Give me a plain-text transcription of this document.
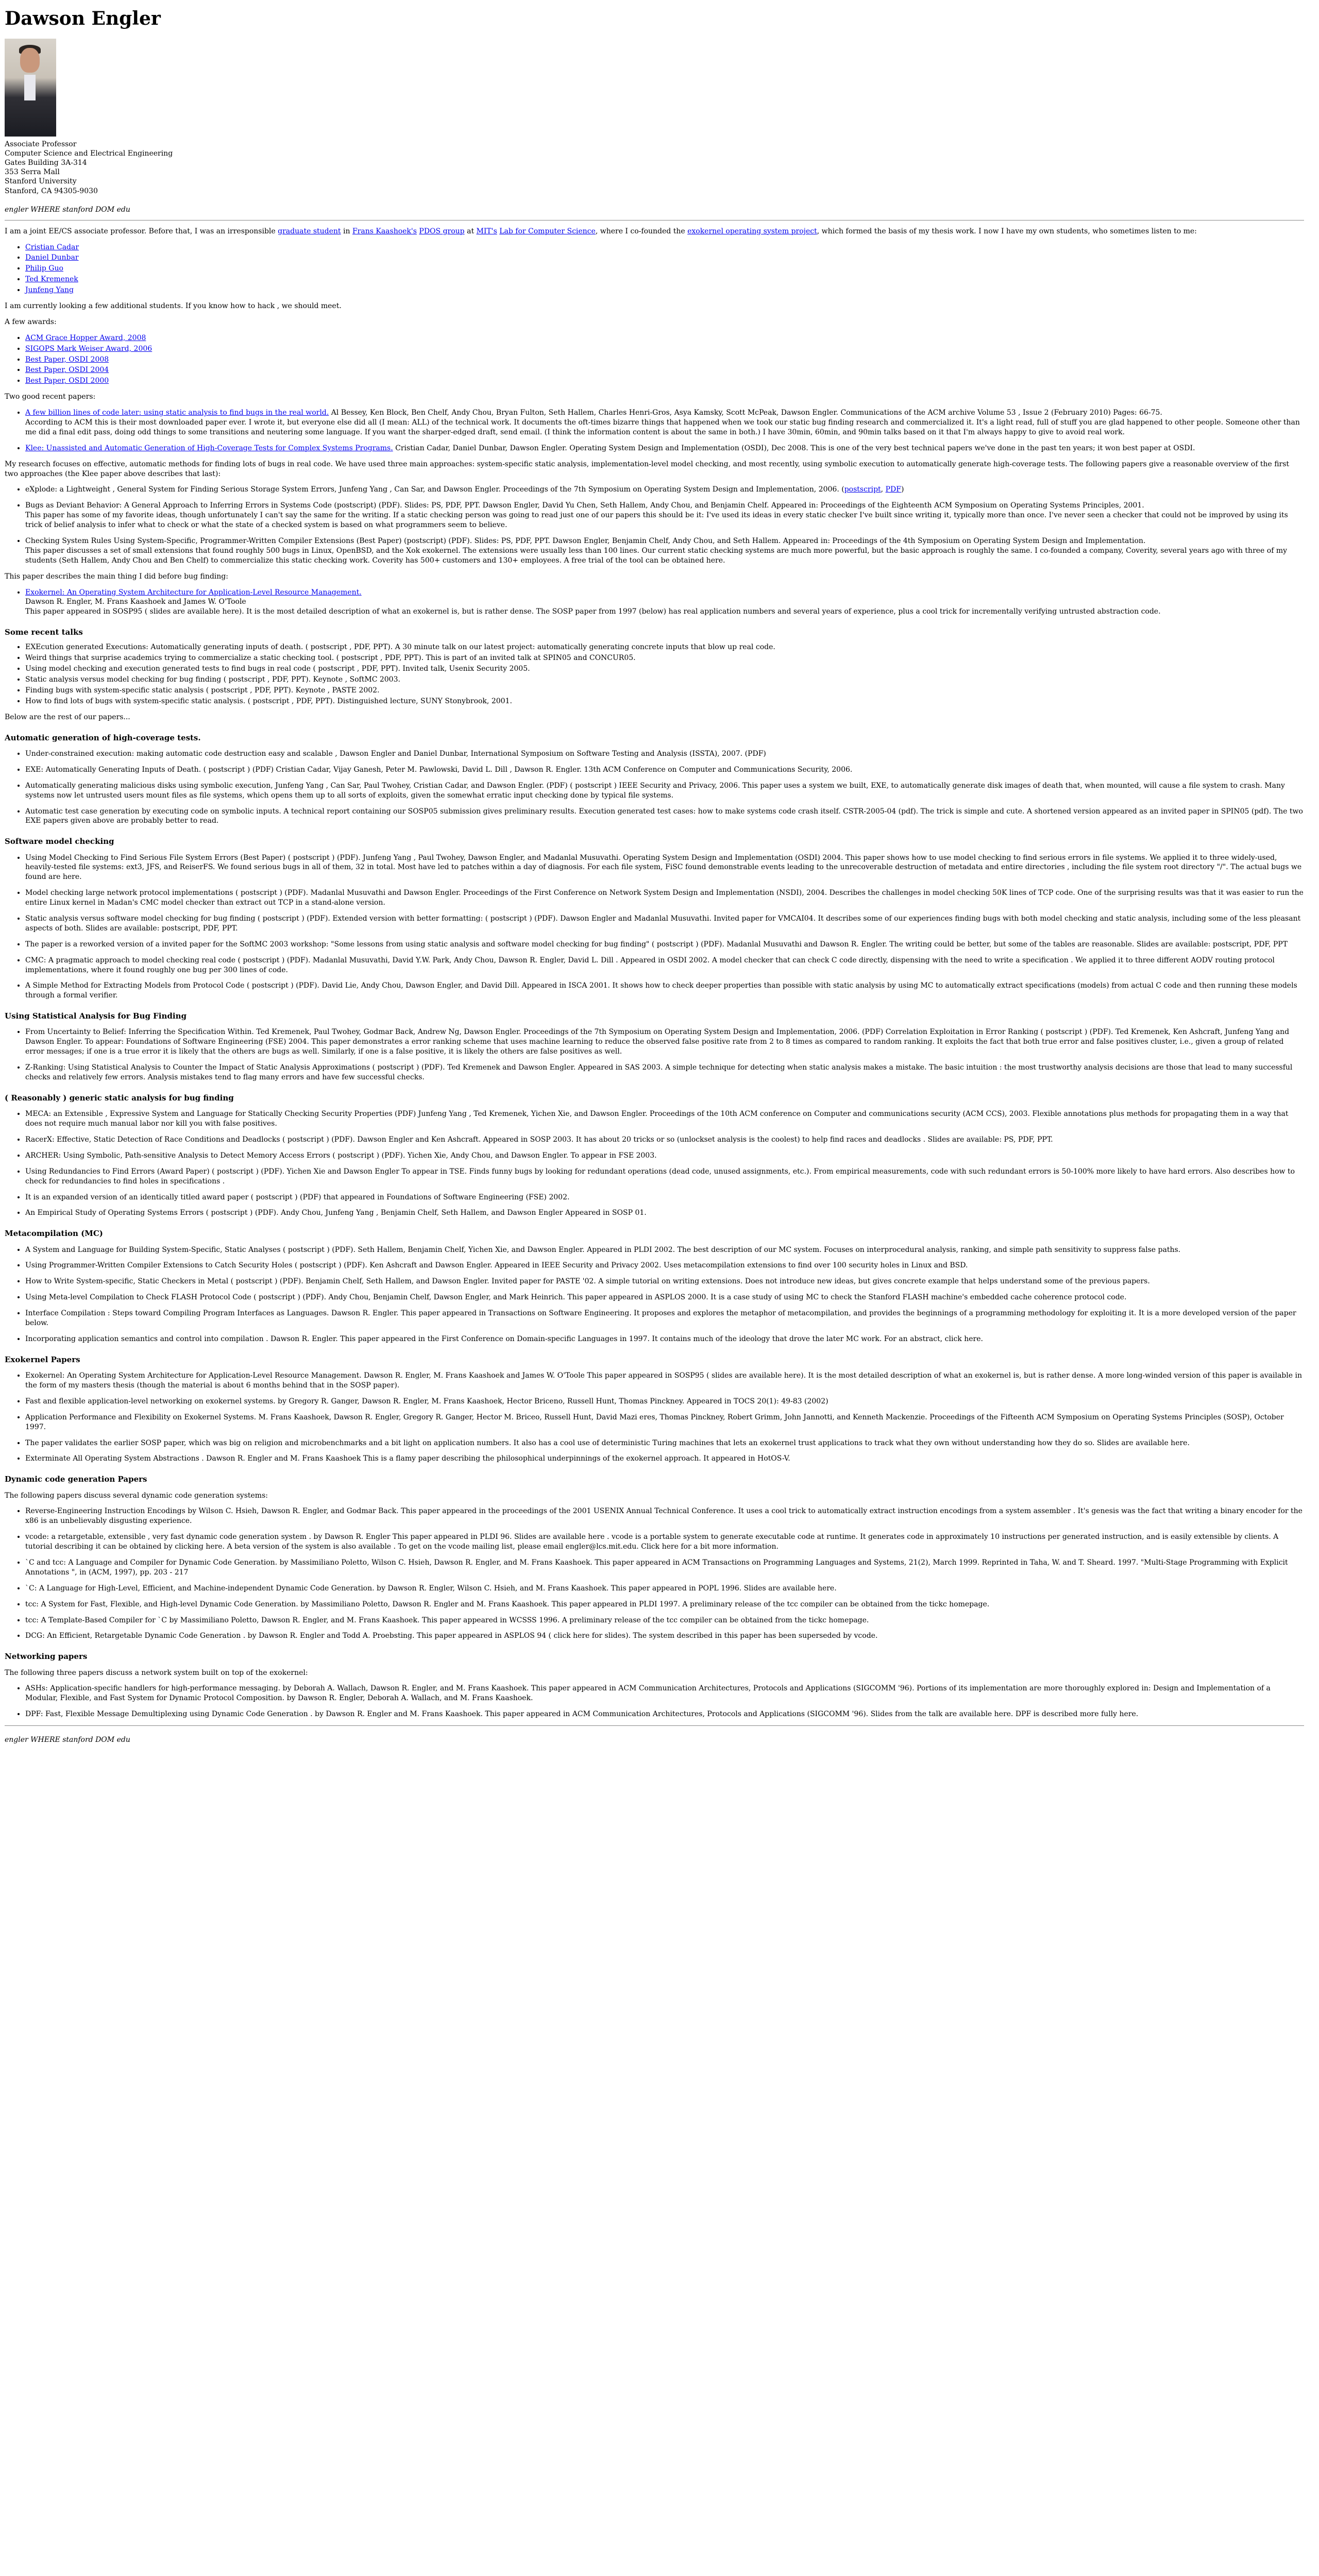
Dawson Engler
Associate Professor
Computer Science and Electrical Engineering
Gates Building 3A-314
353 Serra Mall
Stanford University
Stanford, CA 94305-9030
engler WHERE stanford DOM edu

I am a joint EE/CS associate professor. Before that, I was an irresponsible graduate student in Frans Kaashoek's PDOS group at MIT's Lab for Computer Science, where I co-founded the exokernel operating system project, which formed the basis of my thesis work. I now I have my own students, who sometimes listen to me:

• Cristian Cadar
• Daniel Dunbar
• Philip Guo
• Ted Kremenek
• Junfeng Yang

I am currently looking a few additional students. If you know how to hack , we should meet.

A few awards:

• ACM Grace Hopper Award, 2008
• SIGOPS Mark Weiser Award, 2006
• Best Paper, OSDI 2008
• Best Paper, OSDI 2004
• Best Paper, OSDI 2000

Two good recent papers:

• A few billion lines of code later: using static analysis to find bugs in the real world. Al Bessey, Ken Block, Ben Chelf, Andy Chou, Bryan Fulton, Seth Hallem, Charles Henri-Gros, Asya Kamsky, Scott McPeak, Dawson Engler. Communications of the ACM archive Volume 53 , Issue 2 (February 2010) Pages: 66-75.
According to ACM this is their most downloaded paper ever. I wrote it, but everyone else did all (I mean: ALL) of the technical work. It documents the oft-times bizarre things that happened when we took our static bug finding research and commercialized it. It's a light read, full of stuff you are glad happened to other people. Someone other than me did a final edit pass, doing odd things to some transitions and neutering some language. If you want the sharper-edged draft, send email. (I think the information content is about the same in both.) I have 30min, 60min, and 90min talks based on it that I'm always happy to give to avoid real work.
• Klee: Unassisted and Automatic Generation of High-Coverage Tests for Complex Systems Programs. Cristian Cadar, Daniel Dunbar, Dawson Engler. Operating System Design and Implementation (OSDI), Dec 2008. This is one of the very best technical papers we've done in the past ten years; it won best paper at OSDI.

My research focuses on effective, automatic methods for finding lots of bugs in real code. We have used three main approaches: system-specific static analysis, implementation-level model checking, and most recently, using symbolic execution to automatically generate high-coverage tests. The following papers give a reasonable overview of the first two approaches (the Klee paper above describes that last):

• eXplode: a Lightweight , General System for Finding Serious Storage System Errors, Junfeng Yang , Can Sar, and Dawson Engler. Proceedings of the 7th Symposium on Operating System Design and Implementation, 2006. (postscript, PDF)
• Bugs as Deviant Behavior: A General Approach to Inferring Errors in Systems Code (postscript) (PDF). Slides: PS, PDF, PPT. Dawson Engler, David Yu Chen, Seth Hallem, Andy Chou, and Benjamin Chelf. Appeared in: Proceedings of the Eighteenth ACM Symposium on Operating Systems Principles, 2001.
This paper has some of my favorite ideas, though unfortunately I can't say the same for the writing. If a static checking person was going to read just one of our papers this should be it: I've used its ideas in every static checker I've built since writing it, typically more than once. I've never seen a checker that could not be improved by using its trick of belief analysis to infer what to check or what the state of a checked system is based on what programmers seem to believe.
• Checking System Rules Using System-Specific, Programmer-Written Compiler Extensions (Best Paper) (postscript) (PDF). Slides: PS, PDF, PPT. Dawson Engler, Benjamin Chelf, Andy Chou, and Seth Hallem. Appeared in: Proceedings of the 4th Symposium on Operating System Design and Implementation.
This paper discusses a set of small extensions that found roughly 500 bugs in Linux, OpenBSD, and the Xok exokernel. The extensions were usually less than 100 lines. Our current static checking systems are much more powerful, but the basic approach is roughly the same. I co-founded a company, Coverity, several years ago with three of my students (Seth Hallem, Andy Chou and Ben Chelf) to commercialize this static checking work. Coverity has 500+ customers and 130+ employees. A free trial of the tool can be obtained here.

This paper describes the main thing I did before bug finding:

• Exokernel: An Operating System Architecture for Application-Level Resource Management.
Dawson R. Engler, M. Frans Kaashoek and James W. O'Toole
This paper appeared in SOSP95 ( slides are available here). It is the most detailed description of what an exokernel is, but is rather dense. The SOSP paper from 1997 (below) has real application numbers and several years of experience, plus a cool trick for incrementally verifying untrusted abstraction code.
Some recent talks
• EXEcution generated Executions: Automatically generating inputs of death. ( postscript , PDF, PPT). A 30 minute talk on our latest project: automatically generating concrete inputs that blow up real code.
• Weird things that surprise academics trying to commercialize a static checking tool. ( postscript , PDF, PPT). This is part of an invited talk at SPIN05 and CONCUR05.
• Using model checking and execution generated tests to find bugs in real code ( postscript , PDF, PPT). Invited talk, Usenix Security 2005.
• Static analysis versus model checking for bug finding ( postscript , PDF, PPT). Keynote , SoftMC 2003.
• Finding bugs with system-specific static analysis ( postscript , PDF, PPT). Keynote , PASTE 2002.
• How to find lots of bugs with system-specific static analysis. ( postscript , PDF, PPT). Distinguished lecture, SUNY Stonybrook, 2001.

Below are the rest of our papers...

Automatic generation of high-coverage tests.
• Under-constrained execution: making automatic code destruction easy and scalable , Dawson Engler and Daniel Dunbar, International Symposium on Software Testing and Analysis (ISSTA), 2007. (PDF)
• EXE: Automatically Generating Inputs of Death. ( postscript ) (PDF) Cristian Cadar, Vijay Ganesh, Peter M. Pawlowski, David L. Dill , Dawson R. Engler. 13th ACM Conference on Computer and Communications Security, 2006.
• Automatically generating malicious disks using symbolic execution, Junfeng Yang , Can Sar, Paul Twohey, Cristian Cadar, and Dawson Engler. (PDF) ( postscript ) IEEE Security and Privacy, 2006. This paper uses a system we built, EXE, to automatically generate disk images of death that, when mounted, will cause a file system to crash. Many systems now let untrusted users mount files as file systems, which opens them up to all sorts of exploits, given the somewhat erratic input checking done by typical file systems.
• Automatic test case generation by executing code on symbolic inputs. A technical report containing our SOSP05 submission gives preliminary results. Execution generated test cases: how to make systems code crash itself. CSTR-2005-04 (pdf). The trick is simple and cute. A shortened version appeared as an invited paper in SPIN05 (pdf). The two EXE papers given above are probably better to read.
Software model checking
• Using Model Checking to Find Serious File System Errors (Best Paper) ( postscript ) (PDF). Junfeng Yang , Paul Twohey, Dawson Engler, and Madanlal Musuvathi. Operating System Design and Implementation (OSDI) 2004. This paper shows how to use model checking to find serious errors in file systems. We applied it to three widely-used, heavily-tested file systems: ext3, JFS, and ReiserFS. We found serious bugs in all of them, 32 in total. Most have led to patches within a day of diagnosis. For each file system, FiSC found demonstrable events leading to the unrecoverable destruction of metadata and entire directories , including the file system root directory "/". The actual bugs we found are here.
• Model checking large network protocol implementations ( postscript ) (PDF). Madanlal Musuvathi and Dawson Engler. Proceedings of the First Conference on Network System Design and Implementation (NSDI), 2004. Describes the challenges in model checking 50K lines of TCP code. One of the surprising results was that it was easier to run the entire Linux kernel in Madan's CMC model checker than extract out TCP in a stand-alone version.
• Static analysis versus software model checking for bug finding ( postscript ) (PDF). Extended version with better formatting: ( postscript ) (PDF). Dawson Engler and Madanlal Musuvathi. Invited paper for VMCAI04. It describes some of our experiences finding bugs with both model checking and static analysis, including some of the less pleasant aspects of both. Slides are available: postscript, PDF, PPT.
• The paper is a reworked version of a invited paper for the SoftMC 2003 workshop: "Some lessons from using static analysis and software model checking for bug finding" ( postscript ) (PDF). Madanlal Musuvathi and Dawson R. Engler. The writing could be better, but some of the tables are reasonable. Slides are available: postscript, PDF, PPT
• CMC: A pragmatic approach to model checking real code ( postscript ) (PDF). Madanlal Musuvathi, David Y.W. Park, Andy Chou, Dawson R. Engler, David L. Dill . Appeared in OSDI 2002. A model checker that can check C code directly, dispensing with the need to write a specification . We applied it to three different AODV routing protocol implementations, where it found roughly one bug per 300 lines of code.
• A Simple Method for Extracting Models from Protocol Code ( postscript ) (PDF). David Lie, Andy Chou, Dawson Engler, and David Dill. Appeared in ISCA 2001. It shows how to check deeper properties than possible with static analysis by using MC to automatically extract specifications (models) from actual C code and then running these models through a formal verifier.
Using Statistical Analysis for Bug Finding
• From Uncertainty to Belief: Inferring the Specification Within. Ted Kremenek, Paul Twohey, Godmar Back, Andrew Ng, Dawson Engler. Proceedings of the 7th Symposium on Operating System Design and Implementation, 2006. (PDF) Correlation Exploitation in Error Ranking ( postscript ) (PDF). Ted Kremenek, Ken Ashcraft, Junfeng Yang and Dawson Engler. To appear: Foundations of Software Engineering (FSE) 2004. This paper demonstrates a error ranking scheme that uses machine learning to reduce the observed false positive rate from 2 to 8 times as compared to random ranking. It exploits the fact that both true error and false positives cluster, i.e., given a group of related error messages; if one is a true error it is likely that the others are bugs as well. Similarly, if one is a false positive, it is likely the others are false positives as well.
• Z-Ranking: Using Statistical Analysis to Counter the Impact of Static Analysis Approximations ( postscript ) (PDF). Ted Kremenek and Dawson Engler. Appeared in SAS 2003. A simple technique for detecting when static analysis makes a mistake. The basic intuition : the most trustworthy analysis decisions are those that lead to many successful checks and relatively few errors. Analysis mistakes tend to flag many errors and have few successful checks.
( Reasonably ) generic static analysis for bug finding
• MECA: an Extensible , Expressive System and Language for Statically Checking Security Properties (PDF) Junfeng Yang , Ted Kremenek, Yichen Xie, and Dawson Engler. Proceedings of the 10th ACM conference on Computer and communications security (ACM CCS), 2003. Flexible annotations plus methods for propagating them in a way that does not require much manual labor nor kill you with false positives.
• RacerX: Effective, Static Detection of Race Conditions and Deadlocks ( postscript ) (PDF). Dawson Engler and Ken Ashcraft. Appeared in SOSP 2003. It has about 20 tricks or so (unlockset analysis is the coolest) to help find races and deadlocks . Slides are available: PS, PDF, PPT.
• ARCHER: Using Symbolic, Path-sensitive Analysis to Detect Memory Access Errors ( postscript ) (PDF). Yichen Xie, Andy Chou, and Dawson Engler. To appear in FSE 2003.
• Using Redundancies to Find Errors (Award Paper) ( postscript ) (PDF). Yichen Xie and Dawson Engler To appear in TSE. Finds funny bugs by looking for redundant operations (dead code, unused assignments, etc.). From empirical measurements, code with such redundant errors is 50-100% more likely to have hard errors. Also describes how to check for redundancies to find holes in specifications .
• It is an expanded version of an identically titled award paper ( postscript ) (PDF) that appeared in Foundations of Software Engineering (FSE) 2002.
• An Empirical Study of Operating Systems Errors ( postscript ) (PDF). Andy Chou, Junfeng Yang , Benjamin Chelf, Seth Hallem, and Dawson Engler Appeared in SOSP 01.
Metacompilation (MC)
• A System and Language for Building System-Specific, Static Analyses ( postscript ) (PDF). Seth Hallem, Benjamin Chelf, Yichen Xie, and Dawson Engler. Appeared in PLDI 2002. The best description of our MC system. Focuses on interprocedural analysis, ranking, and simple path sensitivity to suppress false paths.
• Using Programmer-Written Compiler Extensions to Catch Security Holes ( postscript ) (PDF). Ken Ashcraft and Dawson Engler. Appeared in IEEE Security and Privacy 2002. Uses metacompilation extensions to find over 100 security holes in Linux and BSD.
• How to Write System-specific, Static Checkers in Metal ( postscript ) (PDF). Benjamin Chelf, Seth Hallem, and Dawson Engler. Invited paper for PASTE '02. A simple tutorial on writing extensions. Does not introduce new ideas, but gives concrete example that helps understand some of the previous papers.
• Using Meta-level Compilation to Check FLASH Protocol Code ( postscript ) (PDF). Andy Chou, Benjamin Chelf, Dawson Engler, and Mark Heinrich. This paper appeared in ASPLOS 2000. It is a case study of using MC to check the Stanford FLASH machine's embedded cache coherence protocol code.
• Interface Compilation : Steps toward Compiling Program Interfaces as Languages. Dawson R. Engler. This paper appeared in Transactions on Software Engineering. It proposes and explores the metaphor of metacompilation, and provides the beginnings of a programming methodology for exploiting it. It is a more developed version of the paper below.
• Incorporating application semantics and control into compilation . Dawson R. Engler. This paper appeared in the First Conference on Domain-specific Languages in 1997. It contains much of the ideology that drove the later MC work. For an abstract, click here.
Exokernel Papers
• Exokernel: An Operating System Architecture for Application-Level Resource Management. Dawson R. Engler, M. Frans Kaashoek and James W. O'Toole This paper appeared in SOSP95 ( slides are available here). It is the most detailed description of what an exokernel is, but is rather dense. A more long-winded version of this paper is available in the form of my masters thesis (though the material is about 6 months behind that in the SOSP paper).
• Fast and flexible application-level networking on exokernel systems. by Gregory R. Ganger, Dawson R. Engler, M. Frans Kaashoek, Hector Briceno, Russell Hunt, Thomas Pinckney. Appeared in TOCS 20(1): 49-83 (2002)
• Application Performance and Flexibility on Exokernel Systems. M. Frans Kaashoek, Dawson R. Engler, Gregory R. Ganger, Hector M. Briceo, Russell Hunt, David Mazi eres, Thomas Pinckney, Robert Grimm, John Jannotti, and Kenneth Mackenzie. Proceedings of the Fifteenth ACM Symposium on Operating Systems Principles (SOSP), October 1997.
• The paper validates the earlier SOSP paper, which was big on religion and microbenchmarks and a bit light on application numbers. It also has a cool use of deterministic Turing machines that lets an exokernel trust applications to track what they own without understanding how they do so. Slides are available here.
• Exterminate All Operating System Abstractions . Dawson R. Engler and M. Frans Kaashoek This is a flamy paper describing the philosophical underpinnings of the exokernel approach. It appeared in HotOS-V.
Dynamic code generation Papers

The following papers discuss several dynamic code generation systems:

• Reverse-Engineering Instruction Encodings by Wilson C. Hsieh, Dawson R. Engler, and Godmar Back. This paper appeared in the proceedings of the 2001 USENIX Annual Technical Conference. It uses a cool trick to automatically extract instruction encodings from a system assembler . It's genesis was the fact that writing a binary encoder for the x86 is an unbelievably disgusting experience.
• vcode: a retargetable, extensible , very fast dynamic code generation system . by Dawson R. Engler This paper appeared in PLDI 96. Slides are available here . vcode is a portable system to generate executable code at runtime. It generates code in approximately 10 instructions per generated instruction, and is easily extensible by clients. A tutorial describing it can be obtained by clicking here. A beta version of the system is also available . To get on the vcode mailing list, please email engler@lcs.mit.edu. Click here for a bit more information.
• `C and tcc: A Language and Compiler for Dynamic Code Generation. by Massimiliano Poletto, Wilson C. Hsieh, Dawson R. Engler, and M. Frans Kaashoek. This paper appeared in ACM Transactions on Programming Languages and Systems, 21(2), March 1999. Reprinted in Taha, W. and T. Sheard. 1997. "Multi-Stage Programming with Explicit Annotations ", in (ACM, 1997), pp. 203 - 217
• `C: A Language for High-Level, Efficient, and Machine-independent Dynamic Code Generation. by Dawson R. Engler, Wilson C. Hsieh, and M. Frans Kaashoek. This paper appeared in POPL 1996. Slides are available here.
• tcc: A System for Fast, Flexible, and High-level Dynamic Code Generation. by Massimiliano Poletto, Dawson R. Engler and M. Frans Kaashoek. This paper appeared in PLDI 1997. A preliminary release of the tcc compiler can be obtained from the tickc homepage.
• tcc: A Template-Based Compiler for `C by Massimiliano Poletto, Dawson R. Engler, and M. Frans Kaashoek. This paper appeared in WCSSS 1996. A preliminary release of the tcc compiler can be obtained from the tickc homepage.
• DCG: An Efficient, Retargetable Dynamic Code Generation . by Dawson R. Engler and Todd A. Proebsting. This paper appeared in ASPLOS 94 ( click here for slides). The system described in this paper has been superseded by vcode.
Networking papers

The following three papers discuss a network system built on top of the exokernel:

• ASHs: Application-specific handlers for high-performance messaging. by Deborah A. Wallach, Dawson R. Engler, and M. Frans Kaashoek. This paper appeared in ACM Communication Architectures, Protocols and Applications (SIGCOMM '96). Portions of its implementation are more thoroughly explored in: Design and Implementation of a Modular, Flexible, and Fast System for Dynamic Protocol Composition. by Dawson R. Engler, Deborah A. Wallach, and M. Frans Kaashoek.
• DPF: Fast, Flexible Message Demultiplexing using Dynamic Code Generation . by Dawson R. Engler and M. Frans Kaashoek. This paper appeared in ACM Communication Architectures, Protocols and Applications (SIGCOMM '96). Slides from the talk are available here. DPF is described more fully here.
engler WHERE stanford DOM edu
